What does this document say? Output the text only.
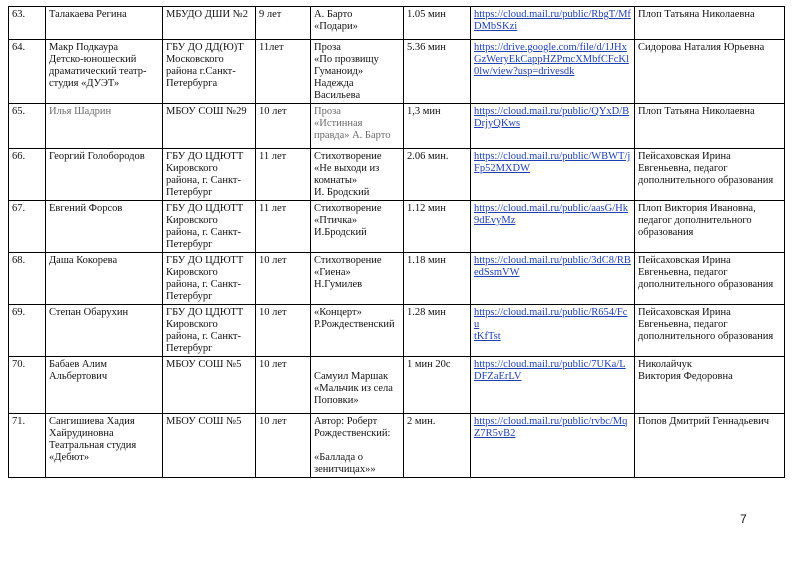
63.	Талакаева Регина	МБУДО ДШИ №2	9 лет	А. Барто
«Подари»	1.05 мин	https://cloud.mail.ru/public/RbgT/Mf
DMbSKzi	Плоп Татьяна Николаевна

64.	Макр Подкаура
Детско-юношеский
драматический театр-
студия «ДУЭТ»	ГБУ ДО ДД(Ю)Т
Московского
района г.Санкт-
Петербурга	11лет	Проза
«По прозвищу
Гуманоид»
Надежда
Васильева	5.36 мин	https://drive.google.com/file/d/1JHx
GzWeryEkCappHZPmcXMbfCFcKl
0lw/view?usp=drivesdk	Сидорова Наталия Юрьевна

65.	Илья Шадрин	МБОУ СОШ №29	10 лет	Проза
«Истинная
правда» А. Барто	1,3 мин	https://cloud.mail.ru/public/QYxD/B
DrjyQKws	Плоп Татьяна Николаевна

66.	Георгий Голобородов	ГБУ ДО ЦДЮТТ
Кировского
района, г. Санкт-
Петербург	11 лет	Стихотворение
«Не выходи из
комнаты»
И. Бродский	2.06 мин.	https://cloud.mail.ru/public/WBWT/j
Fp52MXDW	Пейсаховская Ирина
Евгеньевна, педагог
дополнительного образования

67.	Евгений Форсов	ГБУ ДО ЦДЮТТ
Кировского
района, г. Санкт-
Петербург	11 лет	Стихотворение
«Птичка»
И.Бродский	1.12 мин	https://cloud.mail.ru/public/aasG/Hk
9dEvyMz	Плоп Виктория Ивановна,
педагог дополнительного
образования

68.	Даша Кокорева	ГБУ ДО ЦДЮТТ
Кировского
района, г. Санкт-
Петербург	10 лет	Стихотворение
«Гиена»
Н.Гумилев	1.18 мин	https://cloud.mail.ru/public/3dC8/RB
edSsmVW	Пейсаховская Ирина
Евгеньевна, педагог
дополнительного образования

69.	Степан Обарухин	ГБУ ДО ЦДЮТТ
Кировского
района, г. Санкт-
Петербург	10 лет	«Концерт»
Р.Рождественский	1.28 мин	https://cloud.mail.ru/public/R654/Fcu
tKfTst	Пейсаховская Ирина
Евгеньевна, педагог
дополнительного образования

70.	Бабаев Алим
Альбертович	МБОУ СОШ №5	10 лет	Самуил Маршак
«Мальчик из села
Поповки»	1 мин 20с	https://cloud.mail.ru/public/7UKa/L
DFZaErLV	Николайчук
Виктория Федоровна

71.	Сангишиева Хадия
Хайрудиновна
Театральная студия
«Дебют»	МБОУ СОШ №5	10 лет	Автор: Роберт
Рождественский:
«Баллада о
зенитчицах»»	2 мин.	https://cloud.mail.ru/public/rvbc/Mq
Z7R5vB2	Попов Дмитрий Геннадьевич
7
